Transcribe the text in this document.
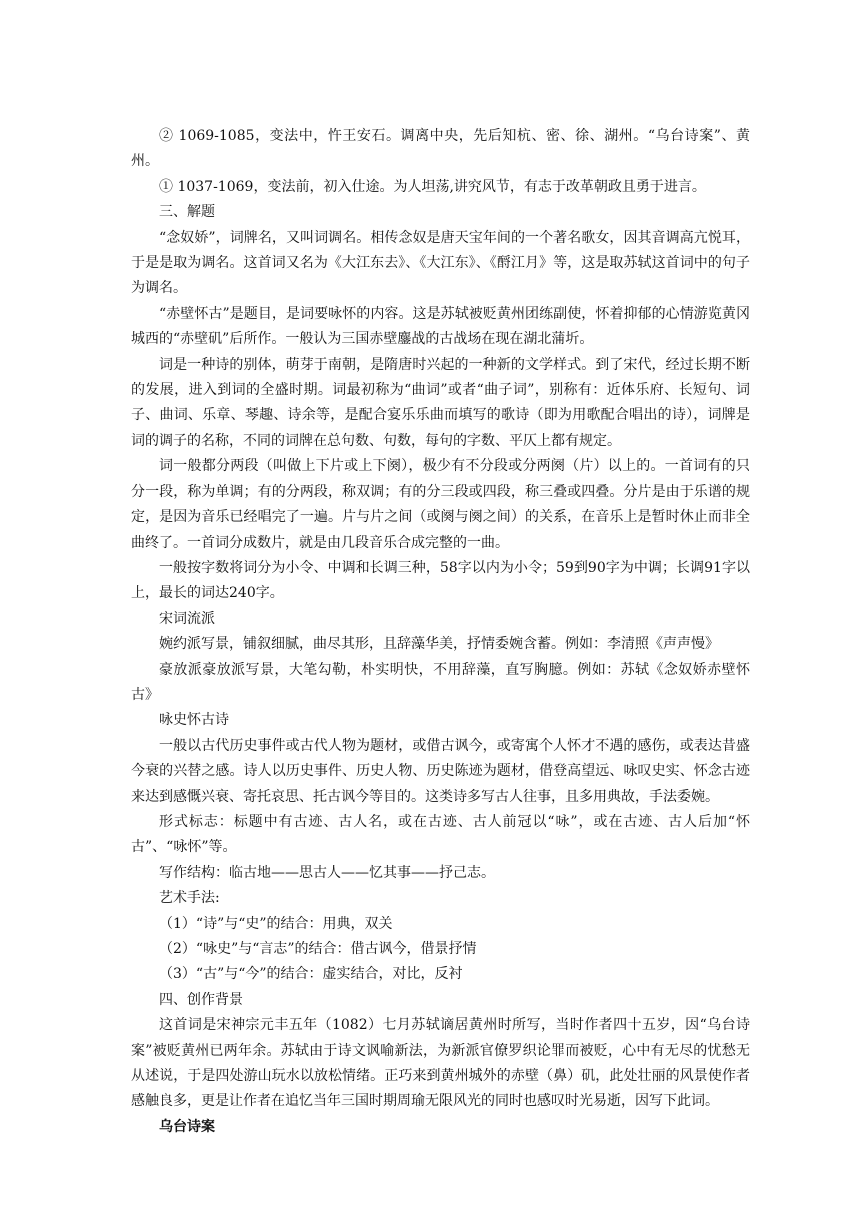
② 1069-1085，变法中，忤王安石。调离中央，先后知杭、密、徐、湖州。“乌台诗案”、黄州。

① 1037-1069，变法前，初入仕途。为人坦荡,讲究风节，有志于改革朝政且勇于进言。

三、解题

“念奴娇”，词牌名，又叫词调名。相传念奴是唐天宝年间的一个著名歌女，因其音调高亢悦耳，于是是取为调名。这首词又名为《大江东去》、《大江东》、《酹江月》等，这是取苏轼这首词中的句子为调名。

“赤壁怀古”是题目，是词要咏怀的内容。这是苏轼被贬黄州团练副使，怀着抑郁的心情游览黄冈城西的“赤壁矶”后所作。一般认为三国赤壁鏖战的古战场在现在湖北蒲圻。

词是一种诗的别体，萌芽于南朝，是隋唐时兴起的一种新的文学样式。到了宋代，经过长期不断的发展，进入到词的全盛时期。词最初称为“曲词”或者“曲子词”，别称有：近体乐府、长短句、词子、曲词、乐章、琴趣、诗余等，是配合宴乐乐曲而填写的歌诗（即为用歌配合唱出的诗），词牌是词的调子的名称，不同的词牌在总句数、句数，每句的字数、平仄上都有规定。

词一般都分两段（叫做上下片或上下阕），极少有不分段或分两阕（片）以上的。一首词有的只分一段，称为单调；有的分两段，称双调；有的分三段或四段，称三叠或四叠。分片是由于乐谱的规定，是因为音乐已经唱完了一遍。片与片之间（或阕与阕之间）的关系，在音乐上是暂时休止而非全曲终了。一首词分成数片，就是由几段音乐合成完整的一曲。

一般按字数将词分为小令、中调和长调三种，58字以内为小令；59到90字为中调；长调91字以上，最长的词达240字。

宋词流派

婉约派写景，铺叙细腻，曲尽其形，且辞藻华美，抒情委婉含蓄。例如：李清照《声声慢》

豪放派豪放派写景，大笔勾勒，朴实明快，不用辞藻，直写胸臆。例如：苏轼《念奴娇赤壁怀古》

咏史怀古诗

一般以古代历史事件或古代人物为题材，或借古讽今，或寄寓个人怀才不遇的感伤，或表达昔盛今衰的兴替之感。诗人以历史事件、历史人物、历史陈迹为题材，借登高望远、咏叹史实、怀念古迹来达到感慨兴衰、寄托哀思、托古讽今等目的。这类诗多写古人往事，且多用典故，手法委婉。

形式标志：标题中有古迹、古人名，或在古迹、古人前冠以“咏”，或在古迹、古人后加“怀古”、“咏怀”等。

写作结构：临古地——思古人——忆其事——抒己志。

艺术手法:

（1）“诗”与“史”的结合：用典，双关

（2）“咏史”与“言志”的结合：借古讽今，借景抒情

（3）“古”与“今”的结合：虚实结合，对比，反衬

四、创作背景

这首词是宋神宗元丰五年（1082）七月苏轼谪居黄州时所写，当时作者四十五岁，因“乌台诗案”被贬黄州已两年余。苏轼由于诗文讽喻新法，为新派官僚罗织论罪而被贬，心中有无尽的忧愁无从述说，于是四处游山玩水以放松情绪。正巧来到黄州城外的赤壁（鼻）矶，此处壮丽的风景使作者感触良多，更是让作者在追忆当年三国时期周瑜无限风光的同时也感叹时光易逝，因写下此词。

乌台诗案
